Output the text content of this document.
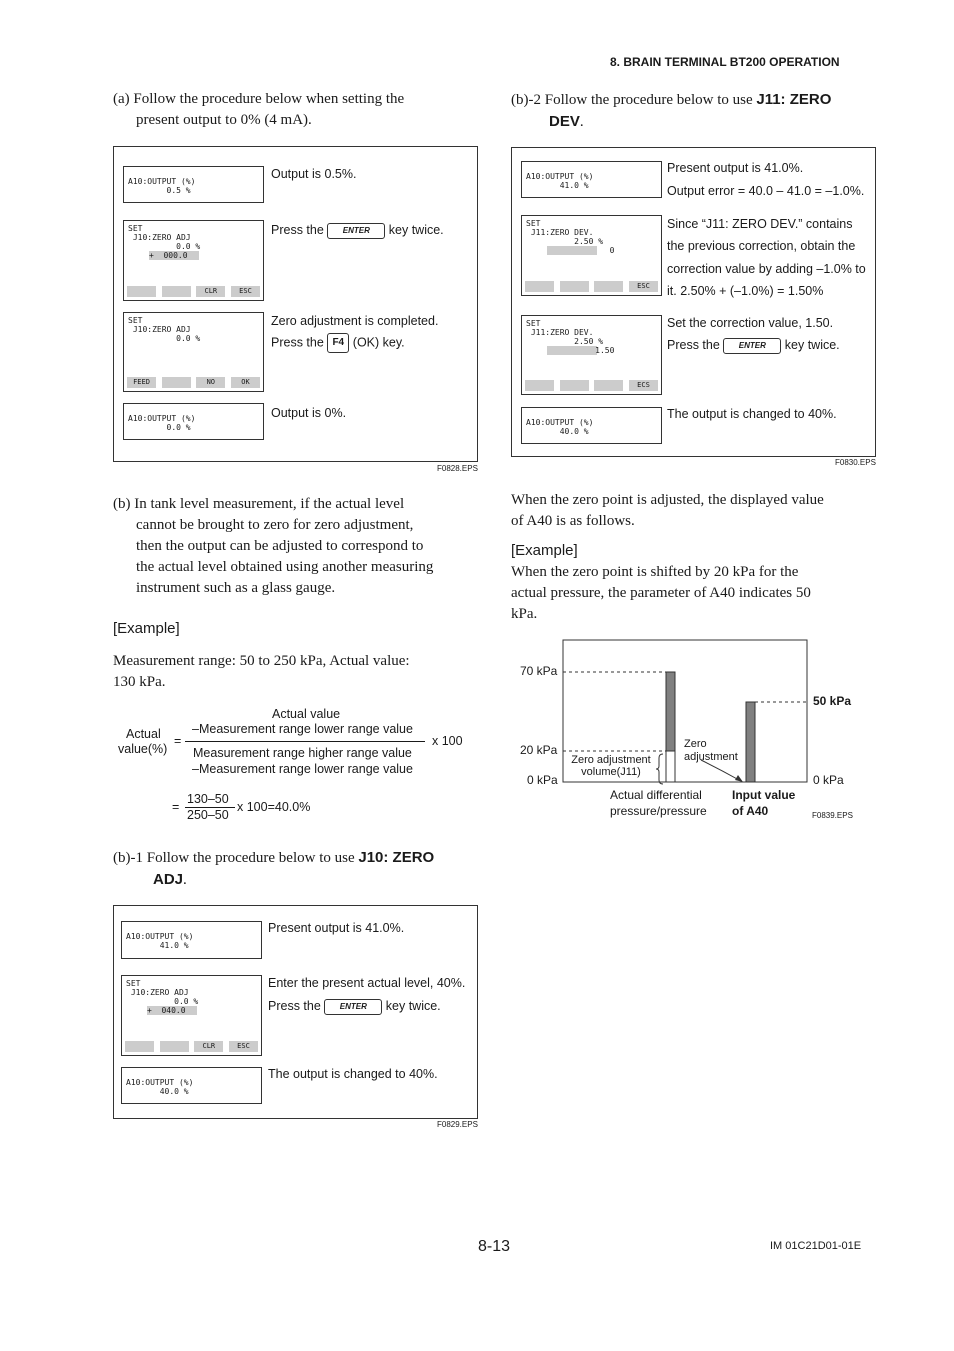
8. BRAIN TERMINAL BT200 OPERATION
(a) Follow the procedure below when setting the
present output to 0% (4 mA).
A10:OUTPUT (%)
0.5 %
Output is 0.5%.
SET
J10:ZERO ADJ
0.0 %
+  000.0
CLR	ESC
Press the ENTER key twice.
SET
J10:ZERO ADJ
0.0 %
FEED	NO	OK
Zero adjustment is completed.
Press the F4 (OK) key.
A10:OUTPUT (%)
0.0 %
Output is 0%.
F0828.EPS
(b) In tank level measurement, if the actual level
cannot be brought to zero for zero adjustment,
then the output can be adjusted to correspond to
the actual level obtained using another measuring
instrument such as a glass gauge.
[Example]
Measurement range: 50 to 250 kPa, Actual value:
130 kPa.
Actual
value(%)
=
Actual value
–Measurement range lower range value
Measurement range higher range value
–Measurement range lower range value
x 100
=
130–50
250–50
x 100=40.0%
(b)-1 Follow the procedure below to use J10: ZERO
ADJ.
A10:OUTPUT (%)
41.0 %
Present output is 41.0%.
SET
J10:ZERO ADJ
0.0 %
+  040.0
CLR	ESC
Enter the present actual level, 40%.
Press the ENTER key twice.
A10:OUTPUT (%)
40.0 %
The output is changed to 40%.
F0829.EPS
(b)-2 Follow the procedure below to use J11: ZERO
DEV.
A10:OUTPUT (%)
41.0 %
Present output is 41.0%.
Output error = 40.0 – 41.0 = –1.0%.
SET
J11:ZERO DEV.
2.50 %
0
ESC
Since “J11: ZERO DEV.” contains
the previous correction, obtain the
correction value by adding –1.0% to
it. 2.50% + (–1.0%) = 1.50%
SET
J11:ZERO DEV.
2.50 %
1.50
ECS
Set the correction value, 1.50.
Press the ENTER key twice.
A10:OUTPUT (%)
40.0 %
The output is changed to 40%.
F0830.EPS
When the zero point is adjusted, the displayed value
of A40 is as follows.
[Example]
When the zero point is shifted by 20 kPa for the
actual pressure, the parameter of A40 indicates 50
kPa.
70 kPa
20 kPa
0 kPa
50 kPa
0 kPa
Zero adjustment
volume(J11)
Zero
adjustment
Actual differential
pressure/pressure
Input value
of A40	F0839.EPS
8-13	IM 01C21D01-01E
